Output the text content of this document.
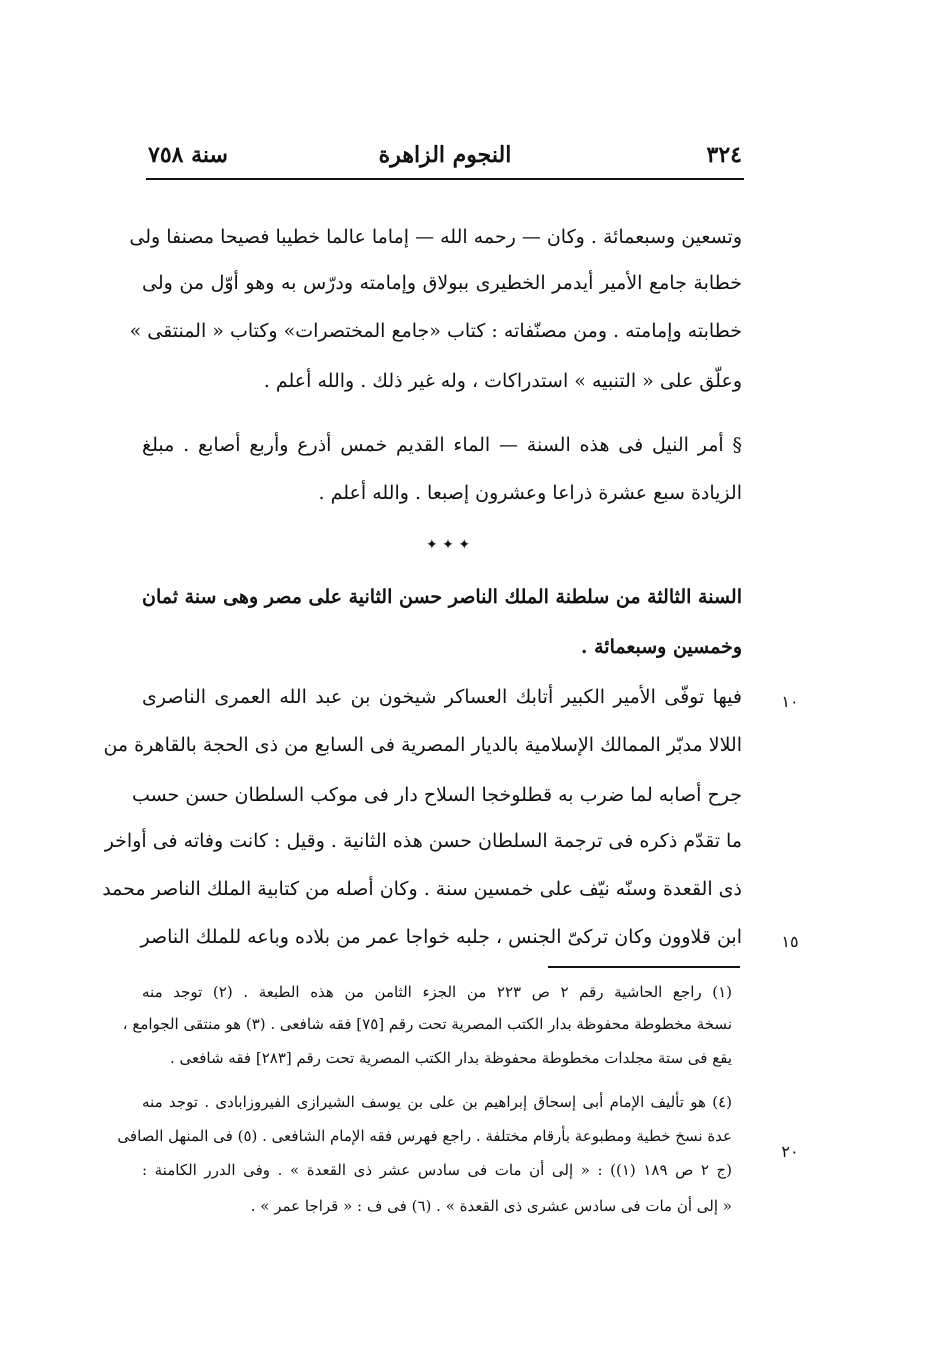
٣٢٤
النجوم الزاهرة
سنة ٧٥٨
وتسعين وسبعمائة . وكان — رحمه الله — إماما عالما خطيبا فصيحا مصنفا ولى
خطابة جامع الأمير أيدمر الخطيرى ببولاق وإمامته ودرّس به وهو أوّل من ولى
خطابته وإمامته . ومن مصنّفاته : كتاب «جامع المختصرات» وكتاب « المنتقى »
وعلّق على « التنبيه » استدراكات ، وله غير ذلك . والله أعلم .
§ أمر النيل فى هذه السنة — الماء القديم خمس أذرع وأربع أصابع . مبلغ
الزيادة سبع عشرة ذراعا وعشرون إصبعا . والله أعلم .
✦ ✦ ✦
السنة الثالثة من سلطنة الملك الناصر حسن الثانية على مصر وهى سنة ثمان
وخمسين وسبعمائة .
فيها توفّى الأمير الكبير أتابك العساكر شيخون بن عبد الله العمرى الناصرى
اللالا مدبّر الممالك الإسلامية بالديار المصرية فى السابع من ذى الحجة بالقاهرة من
جرح أصابه لما ضرب به قطلوخجا السلاح دار فى موكب السلطان حسن حسب
ما تقدّم ذكره فى ترجمة السلطان حسن هذه الثانية . وقيل : كانت وفاته فى أواخر
ذى القعدة وسنّه نيّف على خمسين سنة . وكان أصله من كتابية الملك الناصر محمد
ابن قلاوون وكان تركىّ الجنس ، جلبه خواجا عمر من بلاده وباعه للملك الناصر
١٠
١٥
٢٠
(١) راجع الحاشية رقم ٢ ص ٢٢٣ من الجزء الثامن من هذه الطبعة . (٢) توجد منه
نسخة مخطوطة محفوظة بدار الكتب المصرية تحت رقم [٧٥] فقه شافعى . (٣) هو منتقى الجوامع ،
يقع فى ستة مجلدات مخطوطة محفوظة بدار الكتب المصرية تحت رقم [٢٨٣] فقه شافعى .
(٤) هو تأليف الإمام أبى إسحاق إبراهيم بن على بن يوسف الشيرازى الفيروزابادى . توجد منه
عدة نسخ خطية ومطبوعة بأرقام مختلفة . راجع فهرس فقه الإمام الشافعى . (٥) فى المنهل الصافى
(ج ٢ ص ١٨٩ (١)) : « إلى أن مات فى سادس عشر ذى القعدة » . وفى الدرر الكامنة :
« إلى أن مات فى سادس عشرى ذى القعدة » . (٦) فى ف : « قراجا عمر » .
